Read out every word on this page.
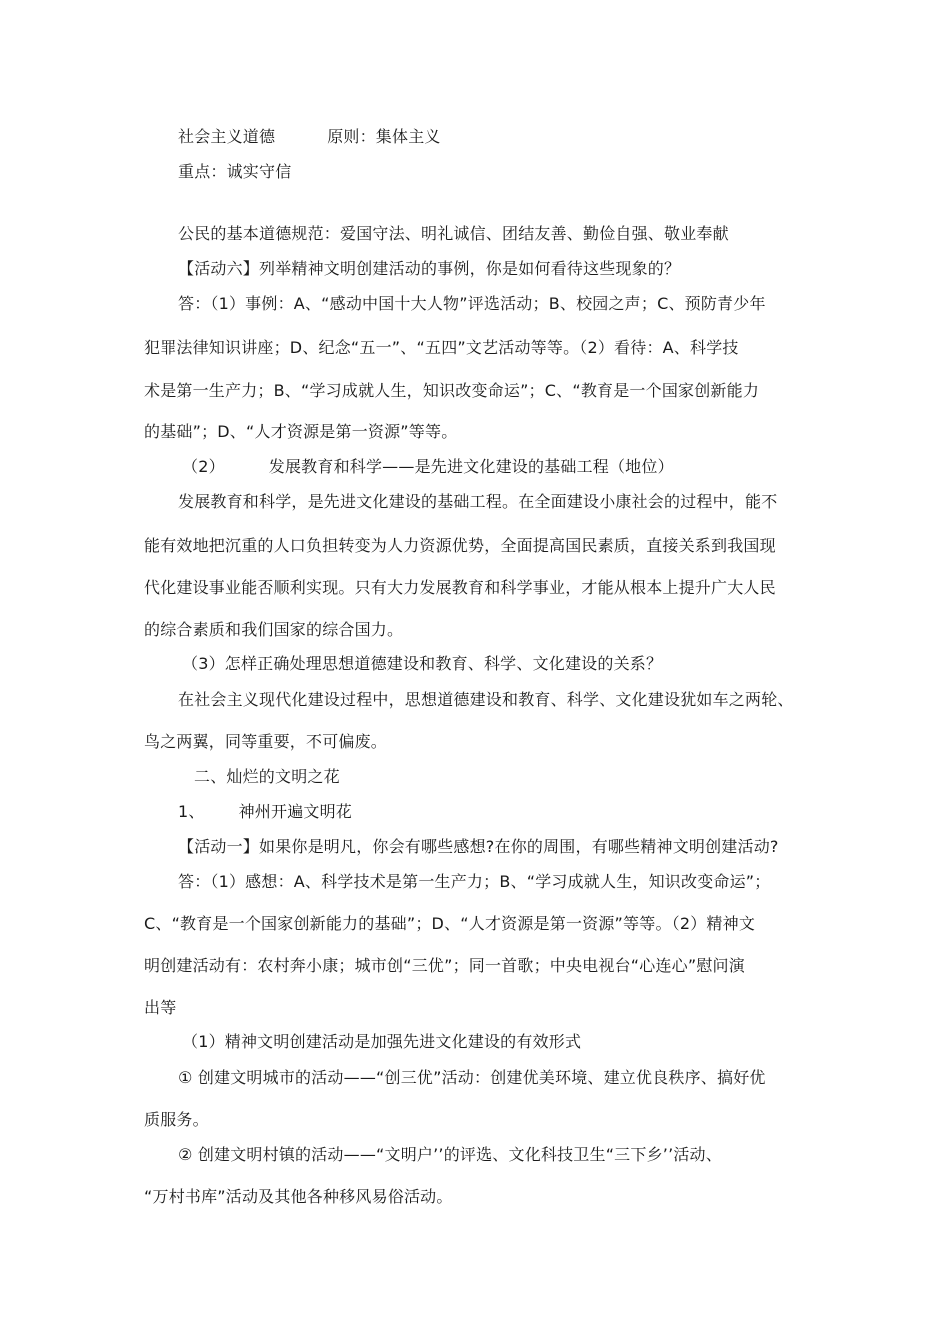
社会主义道德	原则：集体主义
重点：诚实守信
公民的基本道德规范：爱国守法、明礼诚信、团结友善、勤俭自强、敬业奉献
【活动六】列举精神文明创建活动的事例，你是如何看待这些现象的？
答：（1）事例：A、“感动中国十大人物”评选活动；B、校园之声；C、预防青少年
犯罪法律知识讲座；D、纪念“五一”、“五四”文艺活动等等。（2）看待：A、科学技
术是第一生产力；B、“学习成就人生，知识改变命运”；C、“教育是一个国家创新能力
的基础”；D、“人才资源是第一资源”等等。
（2）	发展教育和科学——是先进文化建设的基础工程（地位）
发展教育和科学，是先进文化建设的基础工程。在全面建设小康社会的过程中，能不
能有效地把沉重的人口负担转变为人力资源优势，全面提高国民素质，直接关系到我国现
代化建设事业能否顺利实现。只有大力发展教育和科学事业，才能从根本上提升广大人民
的综合素质和我们国家的综合国力。
（3）怎样正确处理思想道德建设和教育、科学、文化建设的关系？
在社会主义现代化建设过程中，思想道德建设和教育、科学、文化建设犹如车之两轮、
鸟之两翼，同等重要，不可偏废。
二、灿烂的文明之花
1、 神州开遍文明花
【活动一】如果你是明凡，你会有哪些感想?在你的周围，有哪些精神文明创建活动?
答：（1）感想：A、科学技术是第一生产力；B、“学习成就人生，知识改变命运”；
C、“教育是一个国家创新能力的基础”；D、“人才资源是第一资源”等等。（2）精神文
明创建活动有：农村奔小康；城市创“三优”；同一首歌；中央电视台“心连心”慰问演
出等
（1）精神文明创建活动是加强先进文化建设的有效形式
① 创建文明城市的活动——“创三优”活动：创建优美环境、建立优良秩序、搞好优
质服务。
② 创建文明村镇的活动——“文明户’’的评选、文化科技卫生“三下乡’’活动、
“万村书库”活动及其他各种移风易俗活动。
